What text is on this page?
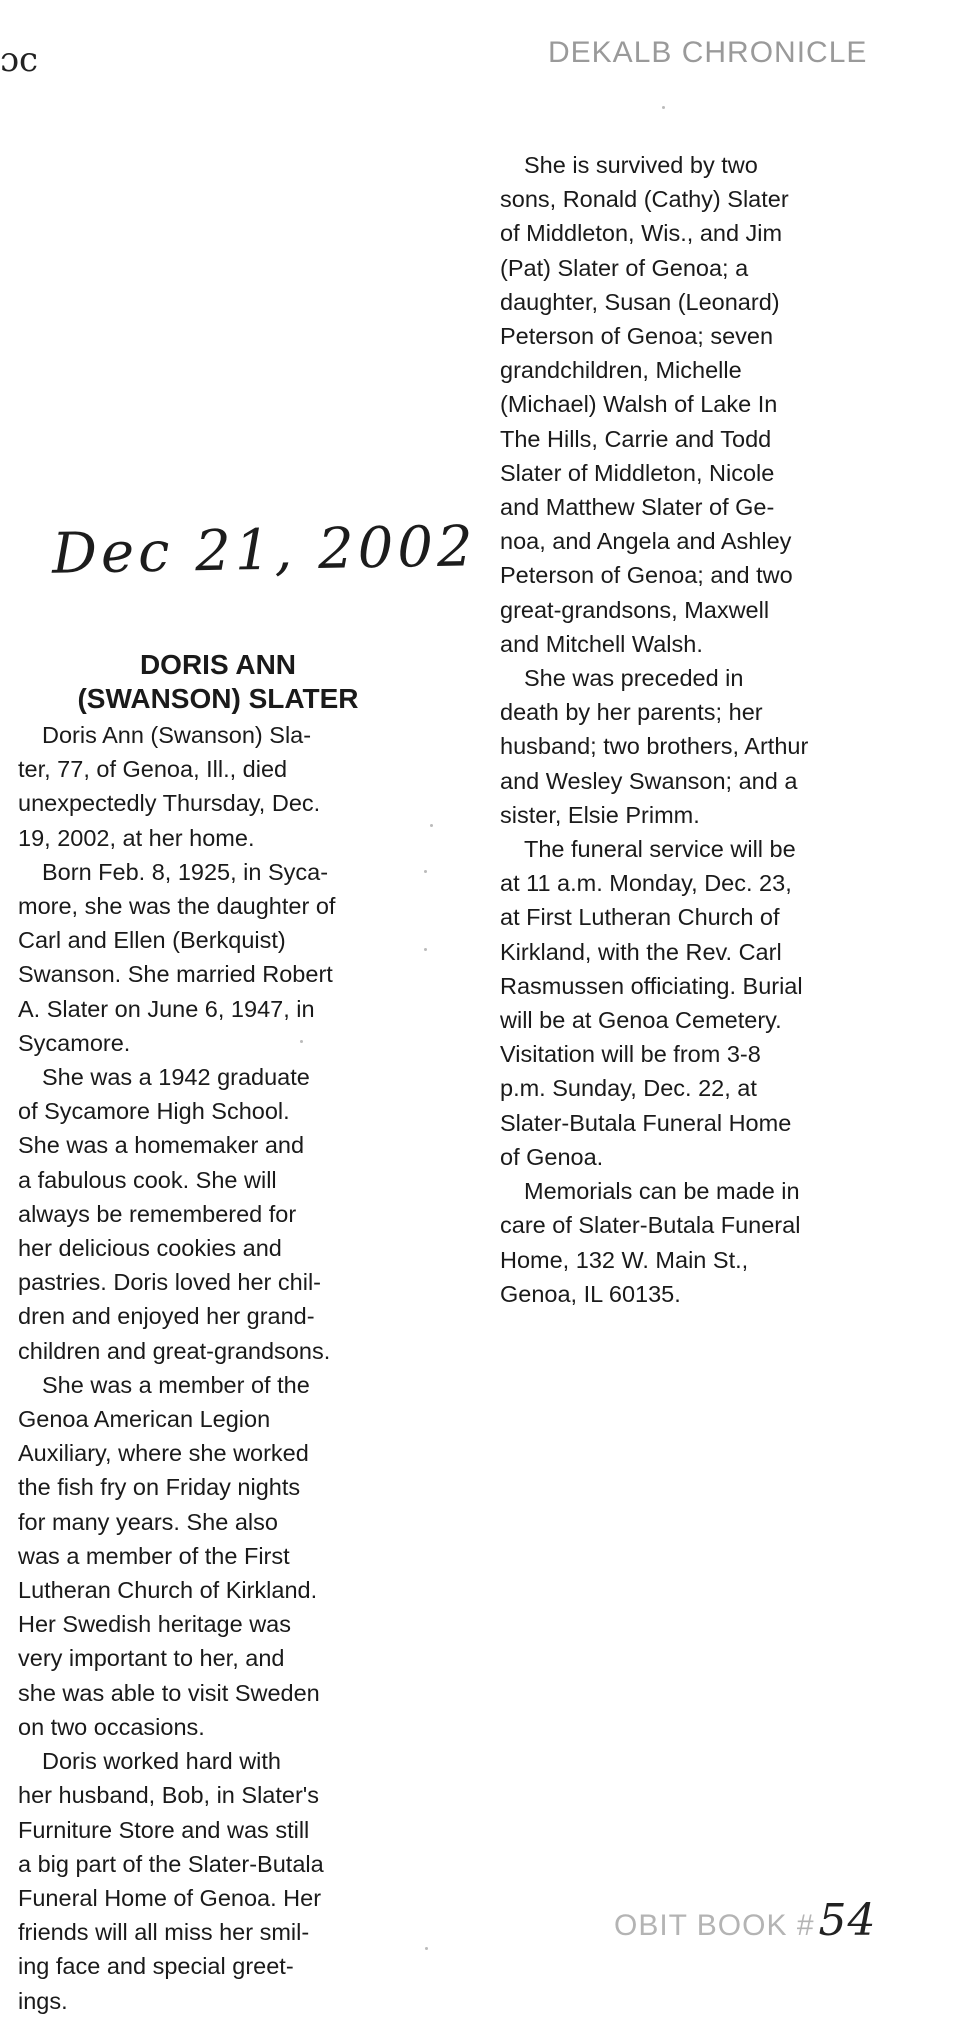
ɔc	DEKALB CHRONICLE
Dec 21, 2002
DORIS ANN
(SWANSON) SLATER

Doris Ann (Swanson) Sla-
ter, 77, of Genoa, Ill., died
unexpectedly Thursday, Dec.
19, 2002, at her home.

Born Feb. 8, 1925, in Syca-
more, she was the daughter of
Carl and Ellen (Berkquist)
Swanson. She married Robert
A. Slater on June 6, 1947, in
Sycamore.

She was a 1942 graduate
of Sycamore High School.
She was a homemaker and
a fabulous cook. She will
always be remembered for
her delicious cookies and
pastries. Doris loved her chil-
dren and enjoyed her grand-
children and great-grandsons.

She was a member of the
Genoa American Legion
Auxiliary, where she worked
the fish fry on Friday nights
for many years. She also
was a member of the First
Lutheran Church of Kirkland.
Her Swedish heritage was
very important to her, and
she was able to visit Sweden
on two occasions.

Doris worked hard with
her husband, Bob, in Slater's
Furniture Store and was still
a big part of the Slater-Butala
Funeral Home of Genoa. Her
friends will all miss her smil-
ing face and special greet-
ings.

She is survived by two
sons, Ronald (Cathy) Slater
of Middleton, Wis., and Jim
(Pat) Slater of Genoa; a
daughter, Susan (Leonard)
Peterson of Genoa; seven
grandchildren, Michelle
(Michael) Walsh of Lake In
The Hills, Carrie and Todd
Slater of Middleton, Nicole
and Matthew Slater of Ge-
noa, and Angela and Ashley
Peterson of Genoa; and two
great-grandsons, Maxwell
and Mitchell Walsh.

She was preceded in
death by her parents; her
husband; two brothers, Arthur
and Wesley Swanson; and a
sister, Elsie Primm.

The funeral service will be
at 11 a.m. Monday, Dec. 23,
at First Lutheran Church of
Kirkland, with the Rev. Carl
Rasmussen officiating. Burial
will be at Genoa Cemetery.
Visitation will be from 3-8
p.m. Sunday, Dec. 22, at
Slater-Butala Funeral Home
of Genoa.

Memorials can be made in
care of Slater-Butala Funeral
Home, 132 W. Main St.,
Genoa, IL 60135.

OBIT BOOK #54
